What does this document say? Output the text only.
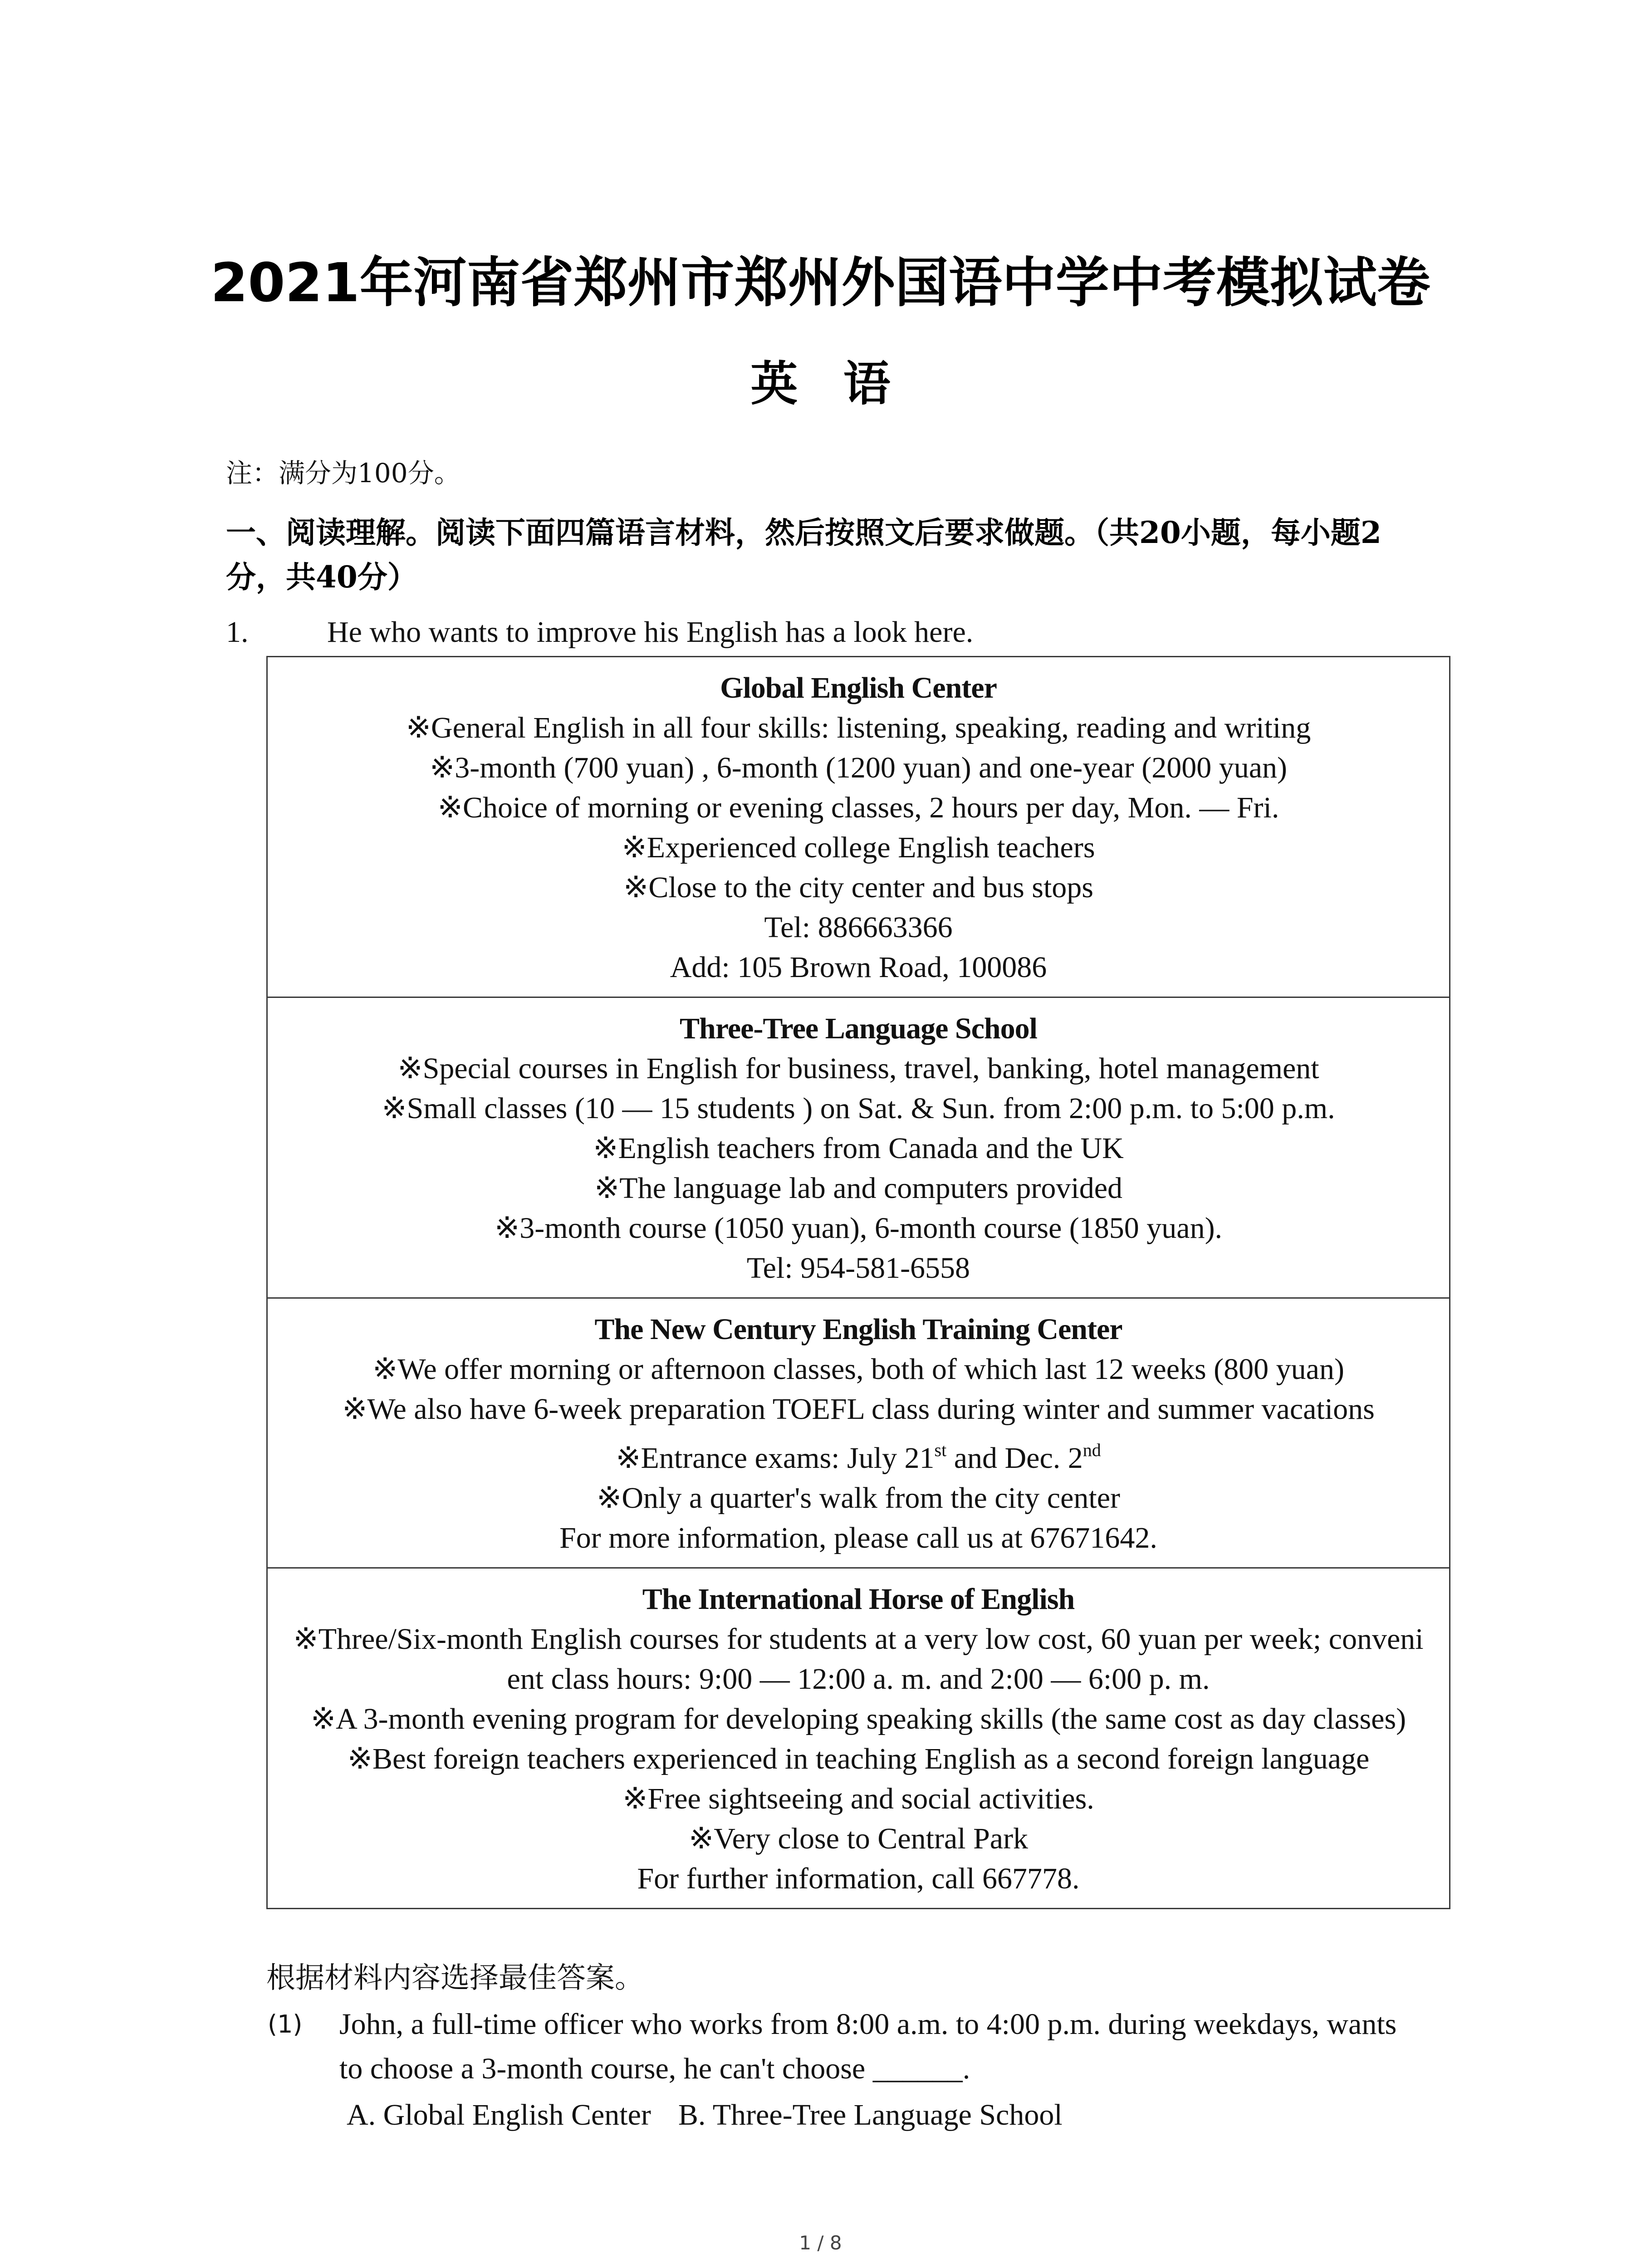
2021年河南省郑州市郑州外国语中学中考模拟试卷
英 语
注：满分为100分。
一、阅读理解。阅读下面四篇语言材料，然后按照文后要求做题。（共20小题，每小题2
分，共40分）
1.	He who wants to improve his English has a look here.
Global English Center
※General English in all four skills: listening, speaking, reading and writing
※3-month (700 yuan) , 6-month (1200 yuan) and one-year (2000 yuan)
※Choice of morning or evening classes, 2 hours per day, Mon. — Fri.
※Experienced college English teachers
※Close to the city center and bus stops
Tel: 886663366
Add: 105 Brown Road, 100086
Three-Tree Language School
※Special courses in English for business, travel, banking, hotel management
※Small classes (10 — 15 students ) on Sat. & Sun. from 2:00 p.m. to 5:00 p.m.
※English teachers from Canada and the UK
※The language lab and computers provided
※3-month course (1050 yuan), 6-month course (1850 yuan).
Tel: 954-581-6558
The New Century English Training Center
※We offer morning or afternoon classes, both of which last 12 weeks (800 yuan)
※We also have 6-week preparation TOEFL class during winter and summer vacations
※Entrance exams: July 21st and Dec. 2nd
※Only a quarter's walk from the city center
For more information, please call us at 67671642.
The International Horse of English
※Three/Six-month English courses for students at a very low cost, 60 yuan per week; conveni
ent class hours: 9:00 — 12:00 a. m. and 2:00 — 6:00 p. m.
※A 3-month evening program for developing speaking skills (the same cost as day classes)
※Best foreign teachers experienced in teaching English as a second foreign language
※Free sightseeing and social activities.
※Very close to Central Park
For further information, call 667778.
根据材料内容选择最佳答案。
(1)	John, a full-time officer who works from 8:00 a.m. to 4:00 p.m. during weekdays, wants
to choose a 3-month course, he can't choose ______.
A. Global English Center B. Three-Tree Language School
1 / 8
